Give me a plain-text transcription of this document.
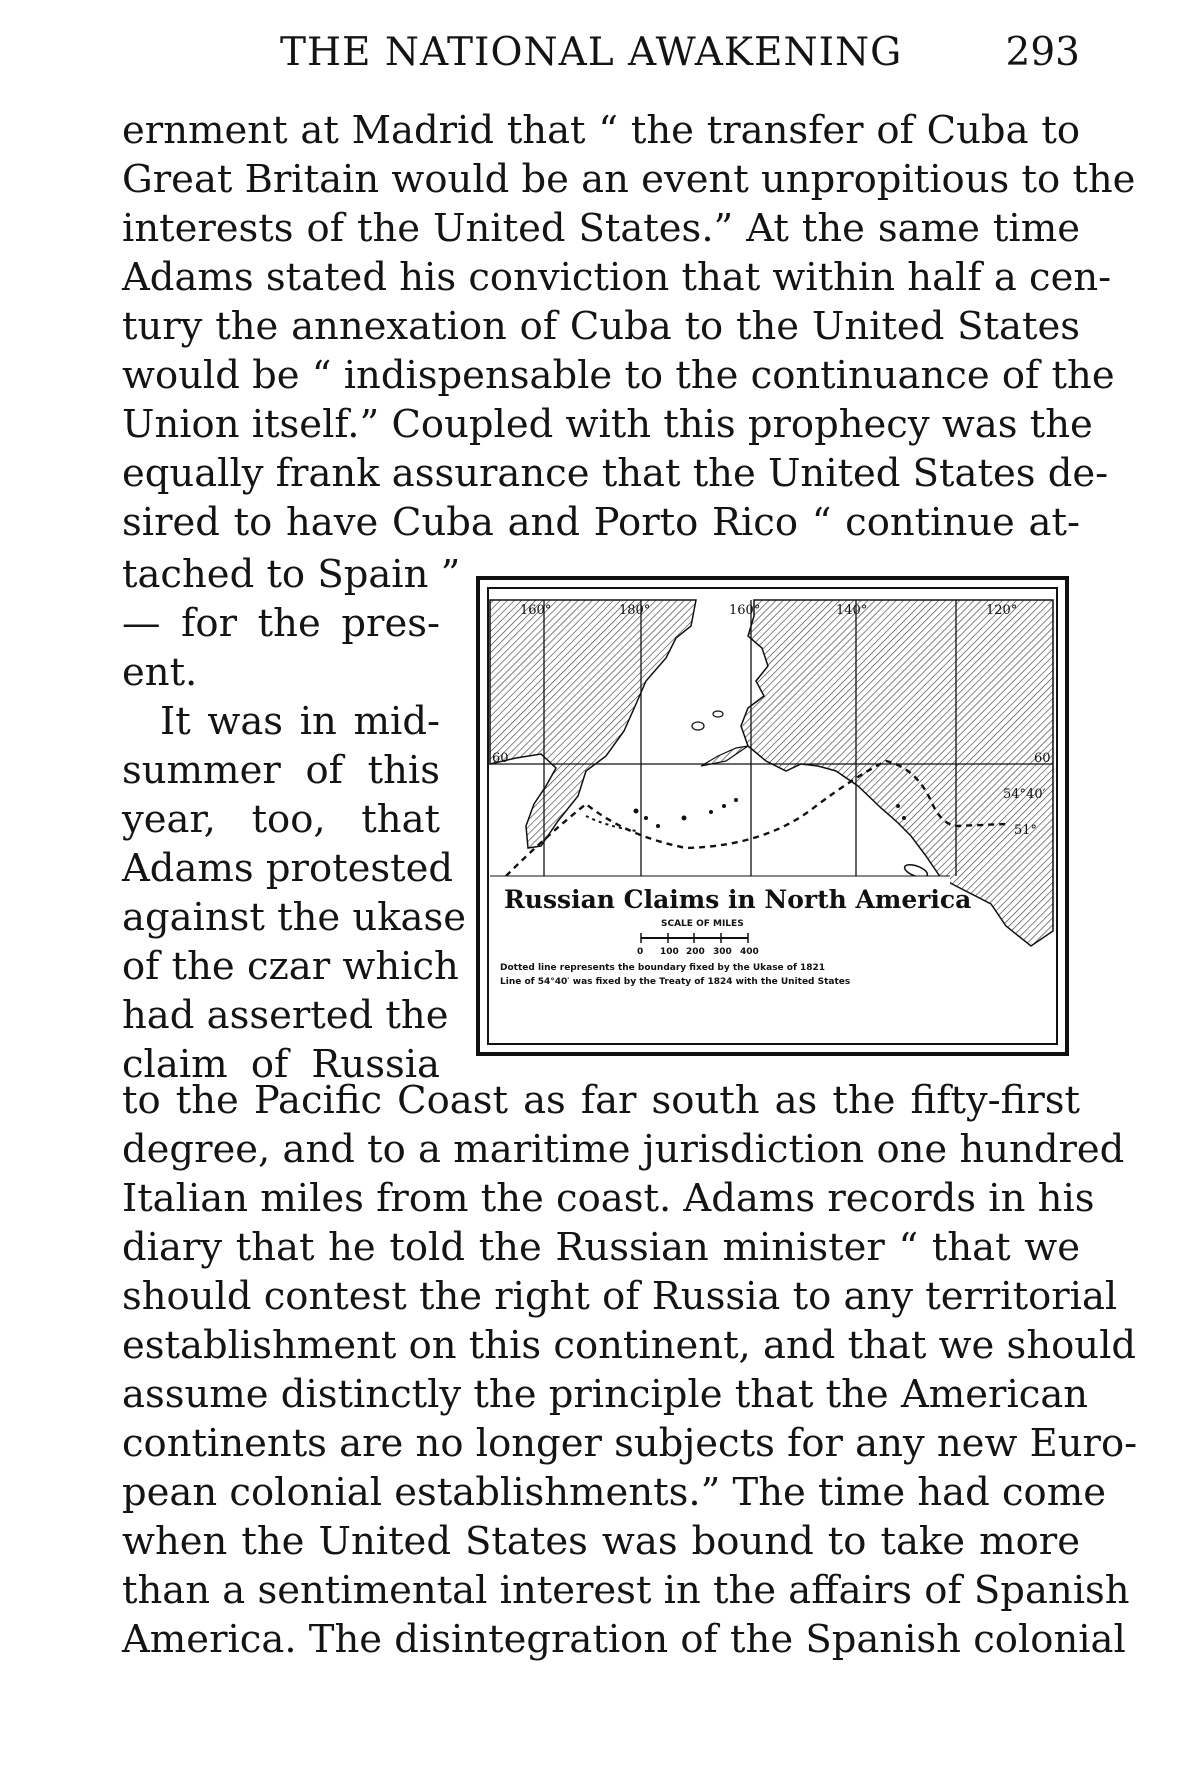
THE NATIONAL AWAKENING	293
ernment at Madrid that “ the transfer of Cuba to
Great Britain would be an event unpropitious to the
interests of the United States.” At the same time
Adams stated his conviction that within half a cen-
tury the annexation of Cuba to the United States
would be “ indispensable to the continuance of the
Union itself.” Coupled with this prophecy was the
equally frank assurance that the United States de-
sired to have Cuba and Porto Rico “ continue at-
tached to Spain ”
— for the pres-
ent.
It was in mid-
summer of this
year, too, that
Adams protested
against the ukase
of the czar which
had asserted the
claim of Russia
160°	180°	160°	140°	120°
60	60
54°40′
51°
Russian Claims in North America
SCALE OF MILES
0 100 200 300 400
Dotted line represents the boundary fixed by the Ukase of 1821
Line of 54°40′ was fixed by the Treaty of 1824 with the United States
to the Pacific Coast as far south as the fifty-first
degree, and to a maritime jurisdiction one hundred
Italian miles from the coast. Adams records in his
diary that he told the Russian minister “ that we
should contest the right of Russia to any territorial
establishment on this continent, and that we should
assume distinctly the principle that the American
continents are no longer subjects for any new Euro-
pean colonial establishments.” The time had come
when the United States was bound to take more
than a sentimental interest in the affairs of Spanish
America. The disintegration of the Spanish colonial
